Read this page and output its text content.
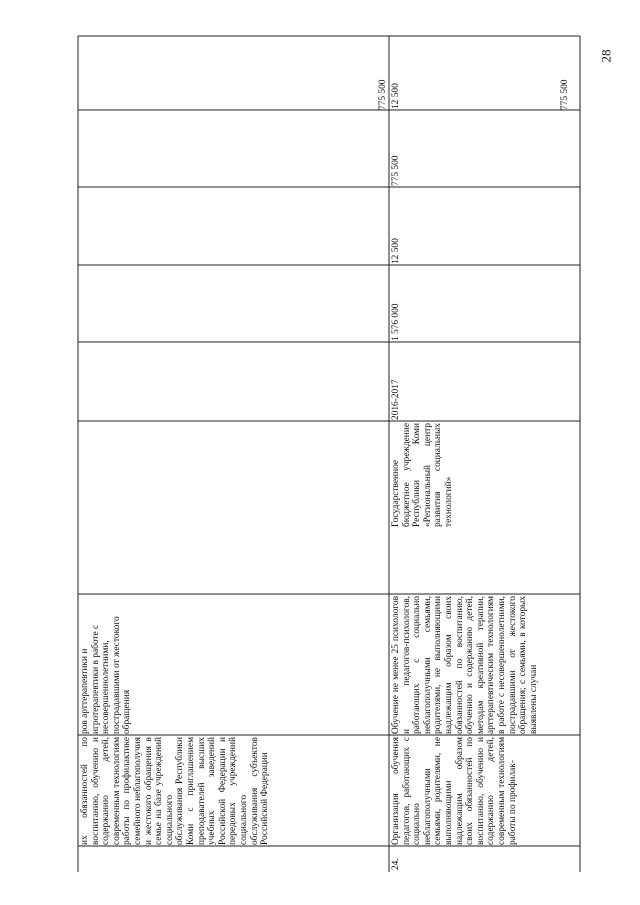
28
их обязанностей по воспитанию, обучению и содержанию детей, современным технологиям работы по профилактике семейного неблагополучия и жестокого обращения в семье на базе учреждений социального обслуживания Республики Коми с приглашением преподавателей высших учебных заведений Российской Федерации и передовых учреждений социального обслуживания субъектов Российской Федерации
ров арттерапевтики и игротерапевтики в работе с несовершеннолетними, пострадавшими от жестокого обращения
775 500
24.
Организация обучения педагогов, работающих с социально неблагополучными семьями, родителями, не выполняющими надлежащим образом своих обязанностей по воспитанию, обучению и содержанию детей, современным технологиям работы по профилак-
Обучение не менее 25 психологов и педагогов-психологов, работающих с социально неблагополучными семьями, родителями, не выполняющими надлежащим образом своих обязанностей по воспитанию, обучению и содержанию детей, методам креативной терапии, арттерапевтическим технологиям в работе с несовершеннолетними, пострадавшими от жестокого обращения; с семьями, в которых выявлены случаи
Государственное бюджетное учреждение Республики Коми «Региональный центр развития социальных технологий»
2016-2017
1 576 000
12 500
775 500
12 500	775 500
